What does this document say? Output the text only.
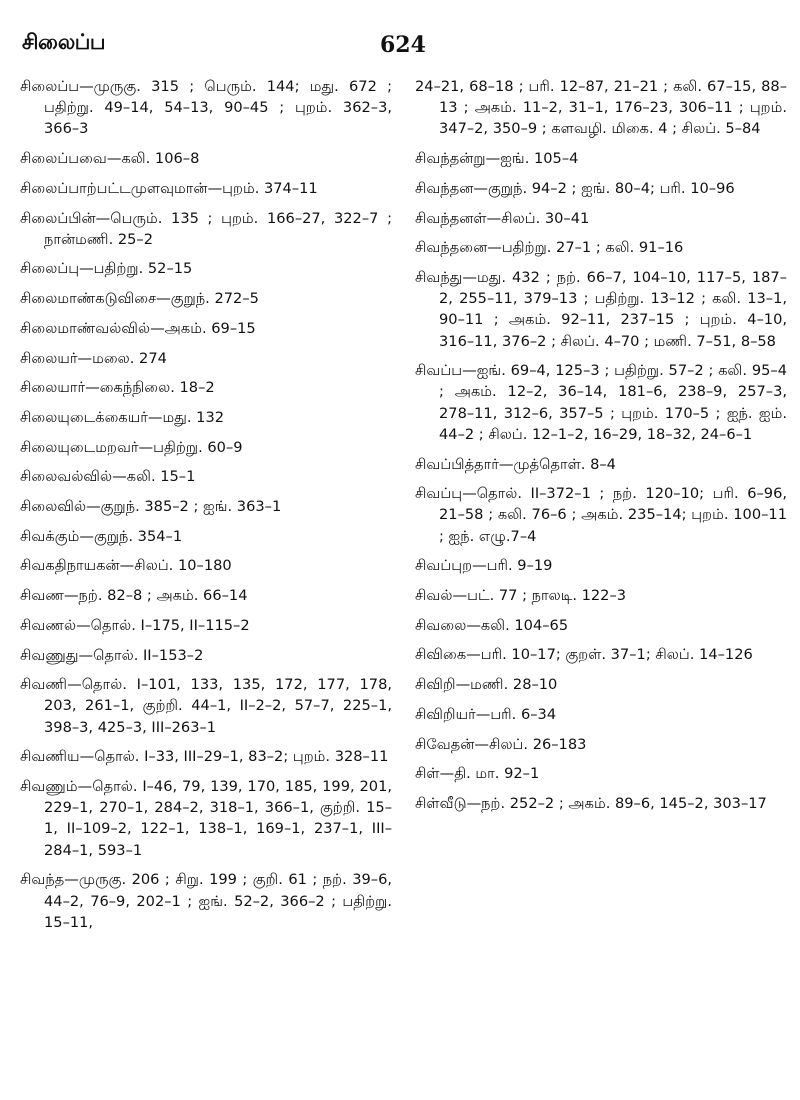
சிலைப்ப	624

சிலைப்ப—முருகு. 315 ; பெரும். 144; மது. 672 ; பதிற்று. 49–14, 54–13, 90–45 ; புறம். 362–3, 366–3

சிலைப்பவை—கலி. 106–8

சிலைப்பாற்பட்டமுளவுமான்—புறம். 374–11

சிலைப்பின்—பெரும். 135 ; புறம். 166–27, 322–7 ; நான்மணி. 25–2

சிலைப்பு—பதிற்று. 52–15

சிலைமாண்கடுவிசை—குறுந். 272–5

சிலைமாண்வல்வில்—அகம். 69–15

சிலையர்—மலை. 274

சிலையார்—கைந்நிலை. 18–2

சிலையுடைக்கையர்—மது. 132

சிலையுடைமறவர்—பதிற்று. 60–9

சிலைவல்வில்—கலி. 15–1

சிலைவில்—குறுந். 385–2 ; ஐங். 363–1

சிவக்கும்—குறுந். 354–1

சிவகதிநாயகன்—சிலப். 10–180

சிவண—நற். 82–8 ; அகம். 66–14

சிவணல்—தொல். I–175, II–115–2

சிவணுது—தொல். II–153–2

சிவணி—தொல். I–101, 133, 135, 172, 177, 178, 203, 261–1, குற்றி. 44–1, II–2–2, 57–7, 225–1, 398–3, 425–3, III–263–1

சிவணிய—தொல். I–33, III–29–1, 83–2; புறம். 328–11

சிவணும்—தொல். I–46, 79, 139, 170, 185, 199, 201, 229–1, 270–1, 284–2, 318–1, 366–1, குற்றி. 15–1, II–109–2, 122–1, 138–1, 169–1, 237–1, III–284–1, 593–1

சிவந்த—முருகு. 206 ; சிறு. 199 ; குறி. 61 ; நற். 39–6, 44–2, 76–9, 202–1 ; ஐங். 52–2, 366–2 ; பதிற்று. 15–11,

24–21, 68–18 ; பரி. 12–87, 21–21 ; கலி. 67–15, 88–13 ; அகம். 11–2, 31–1, 176–23, 306–11 ; புறம். 347–2, 350–9 ; களவழி. மிகை. 4 ; சிலப். 5–84

சிவந்தன்று—ஐங். 105–4

சிவந்தன—குறுந். 94–2 ; ஐங். 80–4; பரி. 10–96

சிவந்தனள்—சிலப். 30–41

சிவந்தனை—பதிற்று. 27–1 ; கலி. 91–16

சிவந்து—மது. 432 ; நற். 66–7, 104–10, 117–5, 187–2, 255–11, 379–13 ; பதிற்று. 13–12 ; கலி. 13–1, 90–11 ; அகம். 92–11, 237–15 ; புறம். 4–10, 316–11, 376–2 ; சிலப். 4–70 ; மணி. 7–51, 8–58

சிவப்ப—ஐங். 69–4, 125–3 ; பதிற்று. 57–2 ; கலி. 95–4 ; அகம். 12–2, 36–14, 181–6, 238–9, 257–3, 278–11, 312–6, 357–5 ; புறம். 170–5 ; ஐந். ஐம். 44–2 ; சிலப். 12–1–2, 16–29, 18–32, 24–6–1

சிவப்பித்தார்—முத்தொள். 8–4

சிவப்பு—தொல். II–372–1 ; நற். 120–10; பரி. 6–96, 21–58 ; கலி. 76–6 ; அகம். 235–14; புறம். 100–11 ; ஐந். எழு.7–4

சிவப்புற—பரி. 9–19

சிவல்—பட். 77 ; நாலடி. 122–3

சிவலை—கலி. 104–65

சிவிகை—பரி. 10–17; குறள். 37–1; சிலப். 14–126

சிவிறி—மணி. 28–10

சிவிறியர்—பரி. 6–34

சிவேதன்—சிலப். 26–183

சிள்—தி. மா. 92–1

சிள்வீடு—நற். 252–2 ; அகம். 89–6, 145–2, 303–17
